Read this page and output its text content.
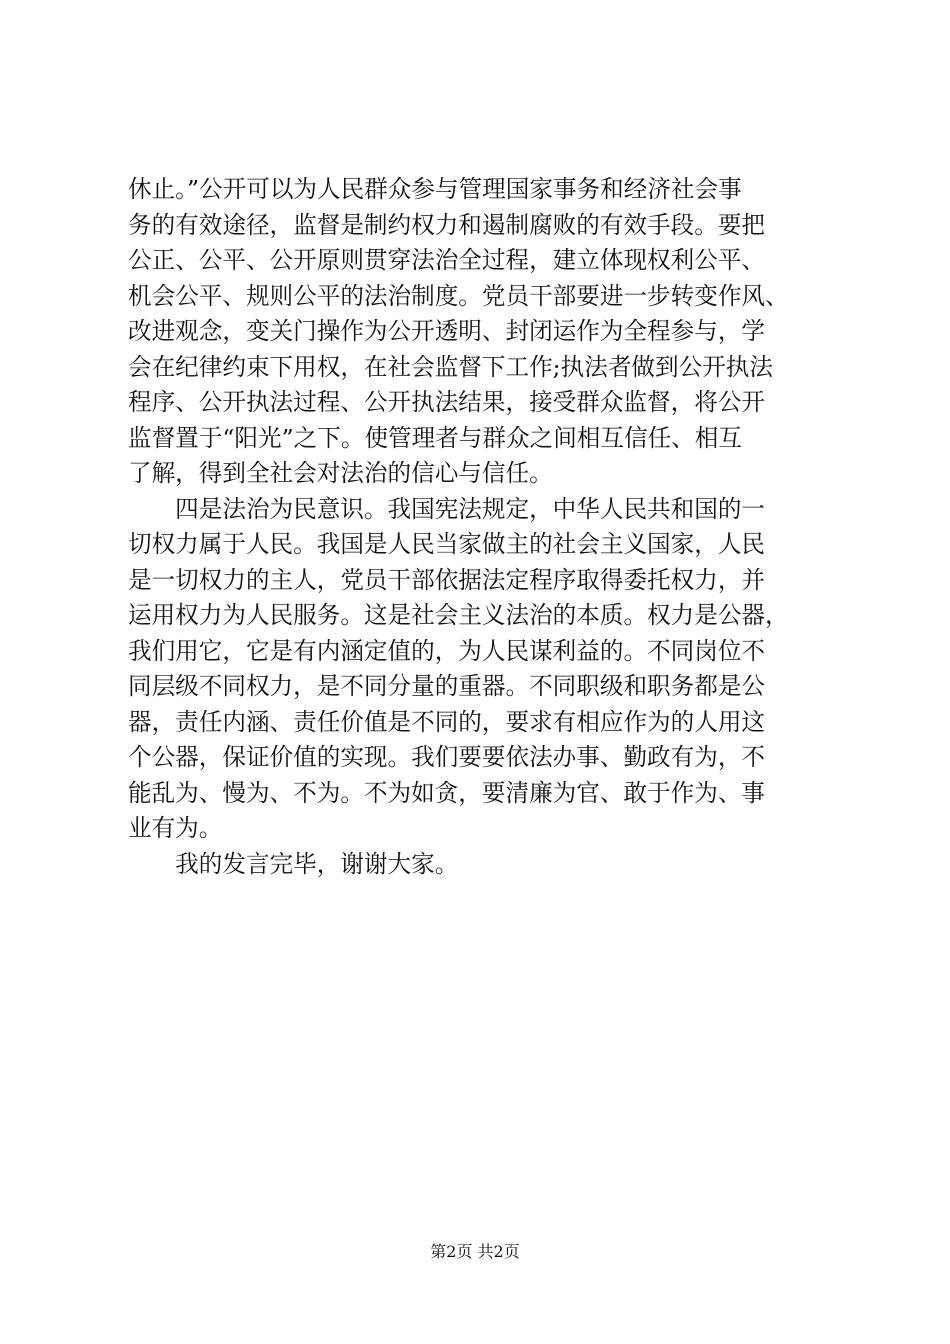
休止。”公开可以为人民群众参与管理国家事务和经济社会事
务的有效途径，监督是制约权力和遏制腐败的有效手段。要把
公正、公平、公开原则贯穿法治全过程，建立体现权利公平、
机会公平、规则公平的法治制度。党员干部要进一步转变作风、
改进观念，变关门操作为公开透明、封闭运作为全程参与，学
会在纪律约束下用权，在社会监督下工作;执法者做到公开执法
程序、公开执法过程、公开执法结果，接受群众监督，将公开
监督置于“阳光”之下。使管理者与群众之间相互信任、相互
了解，得到全社会对法治的信心与信任。
　　四是法治为民意识。我国宪法规定，中华人民共和国的一
切权力属于人民。我国是人民当家做主的社会主义国家，人民
是一切权力的主人，党员干部依据法定程序取得委托权力，并
运用权力为人民服务。这是社会主义法治的本质。权力是公器，
我们用它，它是有内涵定值的，为人民谋利益的。不同岗位不
同层级不同权力，是不同分量的重器。不同职级和职务都是公
器，责任内涵、责任价值是不同的，要求有相应作为的人用这
个公器，保证价值的实现。我们要要依法办事、勤政有为，不
能乱为、慢为、不为。不为如贪，要清廉为官、敢于作为、事
业有为。
　　我的发言完毕，谢谢大家。
第2页 共2页
